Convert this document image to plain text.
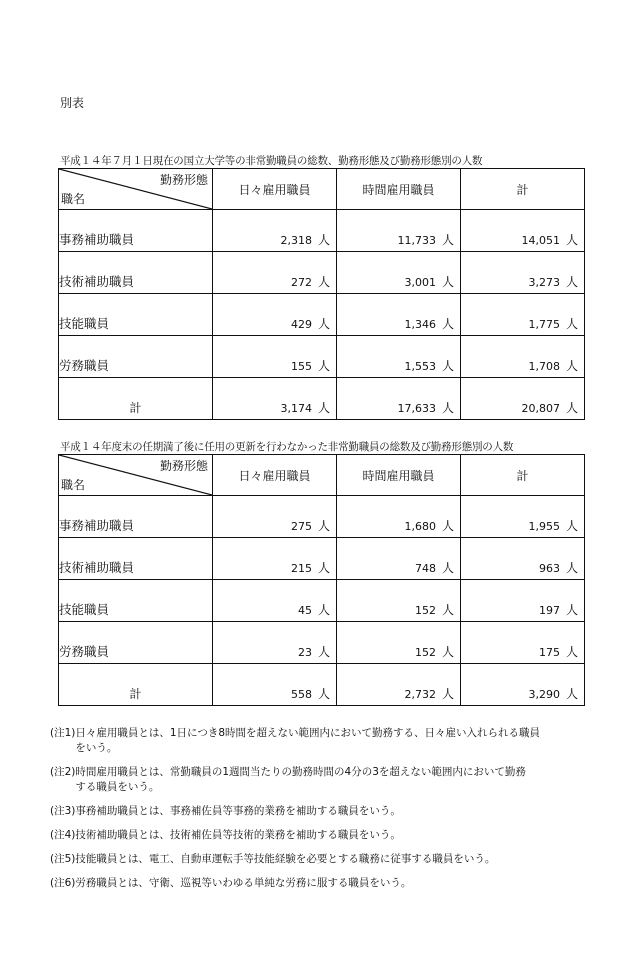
別表
平成１４年７月１日現在の国立大学等の非常勤職員の総数、勤務形態及び勤務形態別の人数
勤務形態
職名	日々雇用職員	時間雇用職員	計
事務補助職員	2,318 人	11,733 人	14,051 人
技術補助職員	272 人	3,001 人	3,273 人
技能職員	429 人	1,346 人	1,775 人
労務職員	155 人	1,553 人	1,708 人
計	3,174 人	17,633 人	20,807 人
平成１４年度末の任期満了後に任用の更新を行わなかった非常勤職員の総数及び勤務形態別の人数
勤務形態
職名	日々雇用職員	時間雇用職員	計
事務補助職員	275 人	1,680 人	1,955 人
技術補助職員	215 人	748 人	963 人
技能職員	45 人	152 人	197 人
労務職員	23 人	152 人	175 人
計	558 人	2,732 人	3,290 人
(注1) 日々雇用職員とは、1日につき8時間を超えない範囲内において勤務する、日々雇い入れられる職員
をいう。
(注2) 時間雇用職員とは、常勤職員の1週間当たりの勤務時間の4分の3を超えない範囲内において勤務
する職員をいう。
(注3) 事務補助職員とは、事務補佐員等事務的業務を補助する職員をいう。
(注4) 技術補助職員とは、技術補佐員等技術的業務を補助する職員をいう。
(注5) 技能職員とは、電工、自動車運転手等技能経験を必要とする職務に従事する職員をいう。
(注6) 労務職員とは、守衛、巡視等いわゆる単純な労務に服する職員をいう。
